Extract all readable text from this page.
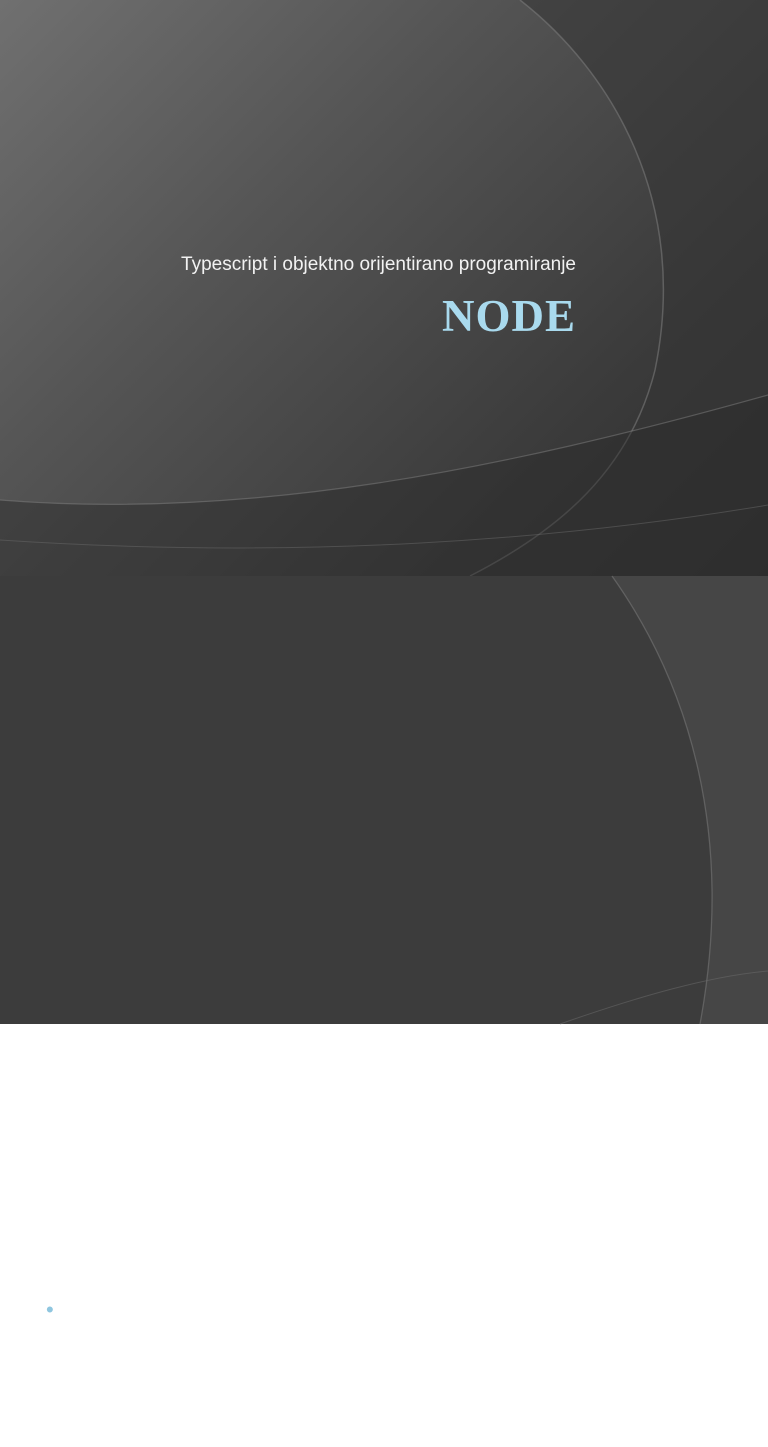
Typescript i objektno orijentirano programiranje
NODE
1. Objekti
• U TypeScript-u, objekti se koriste za modeliranje stvarnog svijeta. Objekti sadrže svojstva (atribute) i metode (funkcije) koje mogu manipulirati tim svojstvima.
